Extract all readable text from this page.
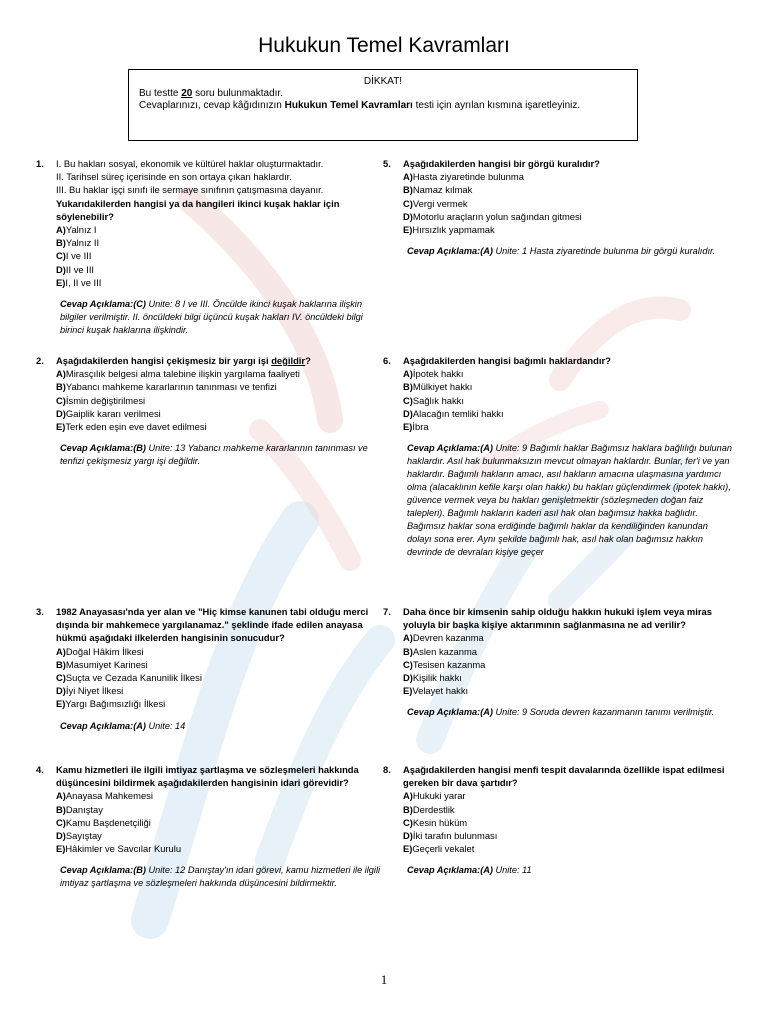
Hukukun Temel Kavramları
DİKKAT!
Bu testte 20 soru bulunmaktadır.
Cevaplarınızı, cevap kâğıdınızın Hukukun Temel Kavramları testi için ayrılan kısmına işaretleyiniz.
1. I. Bu hakları sosyal, ekonomik ve kültürel haklar oluşturmaktadır.
II. Tarihsel süreç içerisinde en son ortaya çıkan haklardır.
III. Bu haklar işçi sınıfı ile sermaye sınıfının çatışmasına dayanır.
Yukarıdakilerden hangisi ya da hangileri ikinci kuşak haklar için söylenebilir?
A)Yalnız I
B)Yalnız II
C)I ve III
D)II ve III
E)I, II ve III
Cevap Açıklama:(C) Unite: 8 I ve III. Öncülde ikinci kuşak haklarına ilişkin bilgiler verilmiştir. II. öncüldeki bilgi üçüncü kuşak hakları IV. öncüldeki bilgi birinci kuşak haklarına ilişkindir.
2. Aşağıdakilerden hangisi çekişmesiz bir yargı işi değildir?
A)Mirasçılık belgesi alma talebine ilişkin yargılama faaliyeti
B)Yabancı mahkeme kararlarının tanınması ve tenfizi
C)İsmin değiştirilmesi
D)Gaiplik kararı verilmesi
E)Terk eden eşin eve davet edilmesi
Cevap Açıklama:(B) Unite: 13 Yabancı mahkeme kararlarının tanınması ve tenfizi çekişmesiz yargı işi değildir.
3. 1982 Anayasası'nda yer alan ve "Hiç kimse kanunen tabi olduğu merci dışında bir mahkemece yargılanamaz." şeklinde ifade edilen anayasa hükmü aşağıdaki ilkelerden hangisinin sonucudur?
A)Doğal Hâkim İlkesi
B)Masumiyet Karinesi
C)Suçta ve Cezada Kanunilik İlkesi
D)İyi Niyet İlkesi
E)Yargı Bağımsızlığı İlkesi
Cevap Açıklama:(A) Unite: 14
4. Kamu hizmetleri ile ilgili imtiyaz şartlaşma ve sözleşmeleri hakkında düşüncesini bildirmek aşağıdakilerden hangisinin idari görevidir?
A)Anayasa Mahkemesi
B)Danıştay
C)Kamu Başdenetçiliği
D)Sayıştay
E)Hâkimler ve Savcılar Kurulu
Cevap Açıklama:(B) Unite: 12 Danıştay'ın idari görevi, kamu hizmetleri ile ilgili imtiyaz şartlaşma ve sözleşmeleri hakkında düşüncesini bildirmektir.
5. Aşağıdakilerden hangisi bir görgü kuralıdır?
A)Hasta ziyaretinde bulunma
B)Namaz kılmak
C)Vergi vermek
D)Motorlu araçların yolun sağından gitmesi
E)Hırsızlık yapmamak
Cevap Açıklama:(A) Unite: 1 Hasta ziyaretinde bulunma bir görgü kuralıdır.
6. Aşağıdakilerden hangisi bağımlı haklardandır?
A)İpotek hakkı
B)Mülkiyet hakkı
C)Sağlık hakkı
D)Alacağın temliki hakkı
E)İbra
Cevap Açıklama:(A) Unite: 9 Bağımlı haklar Bağımsız haklara bağlılığı bulunan haklardır. Asıl hak bulunmaksızın mevcut olmayan haklardır. Bunlar, fer'i ve yan haklardır. Bağımlı hakların amacı, asıl hakların amacına ulaşmasına yardımcı olma (alacaklının kefile karşı olan hakkı) bu hakları güçlendirmek (ipotek hakkı), güvence vermek veya bu hakları genişletmektir (sözleşmeden doğan faiz talepleri). Bağımlı hakların kaderi asıl hak olan bağımsız hakka bağlıdır. Bağımsız haklar sona erdiğinde bağımlı haklar da kendiliğinden kanundan dolayı sona erer. Aynı şekilde bağımlı hak, asıl hak olan bağımsız hakkın devrinde de devralan kişiye geçer
7. Daha önce bir kimsenin sahip olduğu hakkın hukuki işlem veya miras yoluyla bir başka kişiye aktarımının sağlanmasına ne ad verilir?
A)Devren kazanma
B)Aslen kazanma
C)Tesisen kazanma
D)Kişilik hakkı
E)Velayet hakkı
Cevap Açıklama:(A) Unite: 9 Soruda devren kazanmanın tanımı verilmiştir.
8. Aşağıdakilerden hangisi menfi tespit davalarında özellikle ispat edilmesi gereken bir dava şartıdır?
A)Hukuki yarar
B)Derdestlik
C)Kesin hüküm
D)İki tarafın bulunması
E)Geçerli vekalet
Cevap Açıklama:(A) Unite: 11
1
